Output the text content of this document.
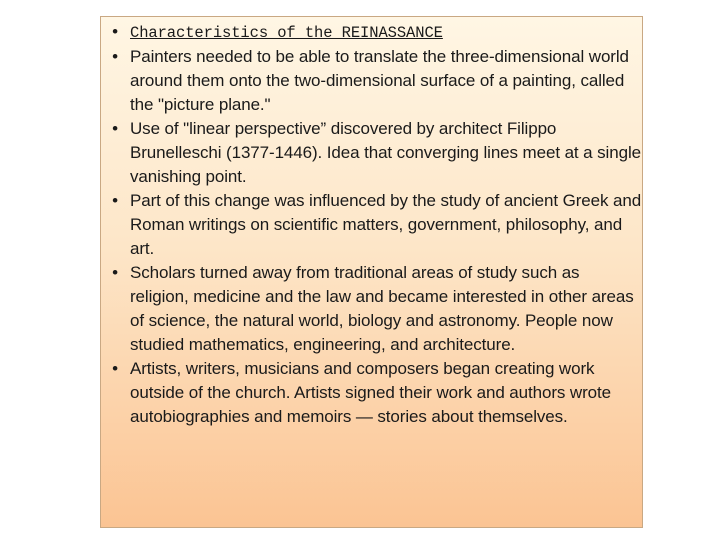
• Characteristics of the REINASSANCE
• Painters needed to be able to translate the three-dimensional world around them onto the two-dimensional surface of a painting, called the "picture plane."
• Use of "linear perspective” discovered by architect Filippo Brunelleschi (1377-1446). Idea that converging lines meet at a single vanishing point.
• Part of this change was influenced by the study of ancient Greek and Roman writings on scientific matters, government, philosophy, and art.
• Scholars turned away from traditional areas of study such as religion, medicine and the law and became interested in other areas of science, the natural world, biology and astronomy. People now studied mathematics, engineering, and architecture.
• Artists, writers, musicians and composers began creating work outside of the church. Artists signed their work and authors wrote autobiographies and memoirs — stories about themselves.
